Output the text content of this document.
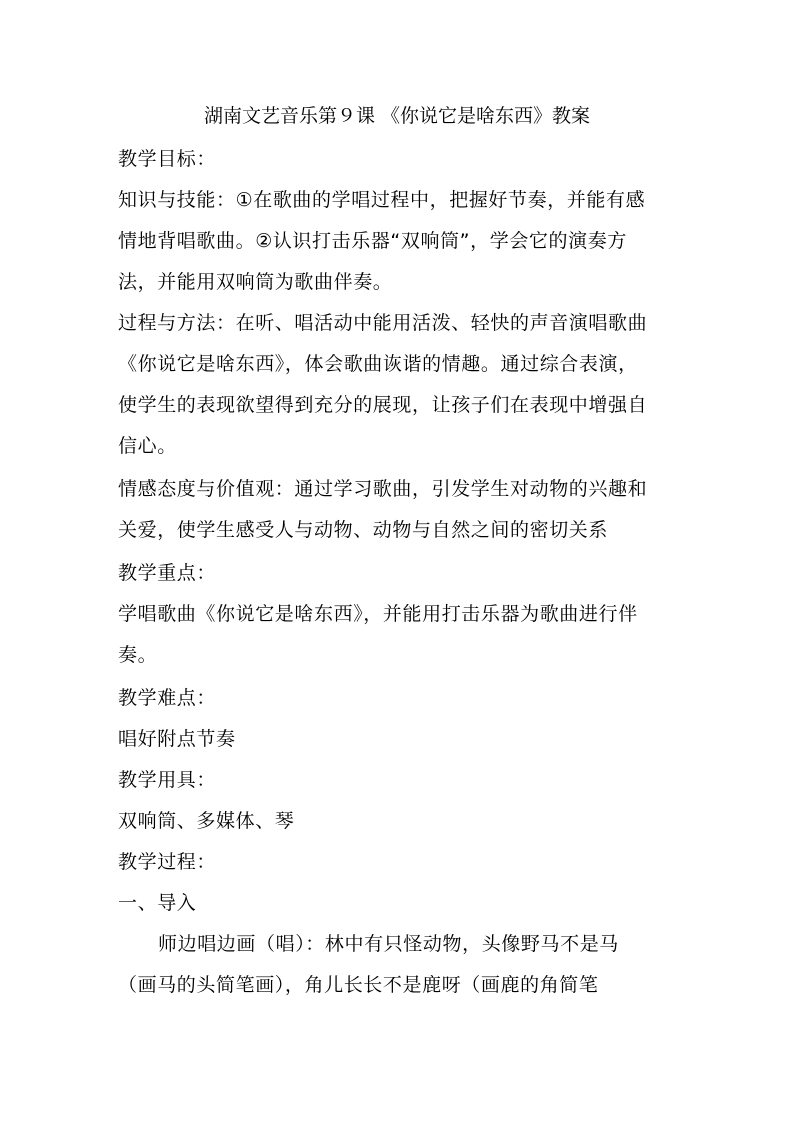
湖南文艺音乐第９课 《你说它是啥东西》教案
教学目标：
知识与技能：①在歌曲的学唱过程中，把握好节奏，并能有感
情地背唱歌曲。②认识打击乐器“双响筒”，学会它的演奏方
法，并能用双响筒为歌曲伴奏。
过程与方法：在听、唱活动中能用活泼、轻快的声音演唱歌曲
《你说它是啥东西》，体会歌曲诙谐的情趣。通过综合表演，
使学生的表现欲望得到充分的展现，让孩子们在表现中增强自
信心。
情感态度与价值观：通过学习歌曲，引发学生对动物的兴趣和
关爱，使学生感受人与动物、动物与自然之间的密切关系
教学重点：
学唱歌曲《你说它是啥东西》，并能用打击乐器为歌曲进行伴
奏。
教学难点：
唱好附点节奏
教学用具：
双响筒、多媒体、琴
教学过程：
一、导入
师边唱边画（唱）：林中有只怪动物，头像野马不是马
（画马的头简笔画），角儿长长不是鹿呀（画鹿的角简笔
